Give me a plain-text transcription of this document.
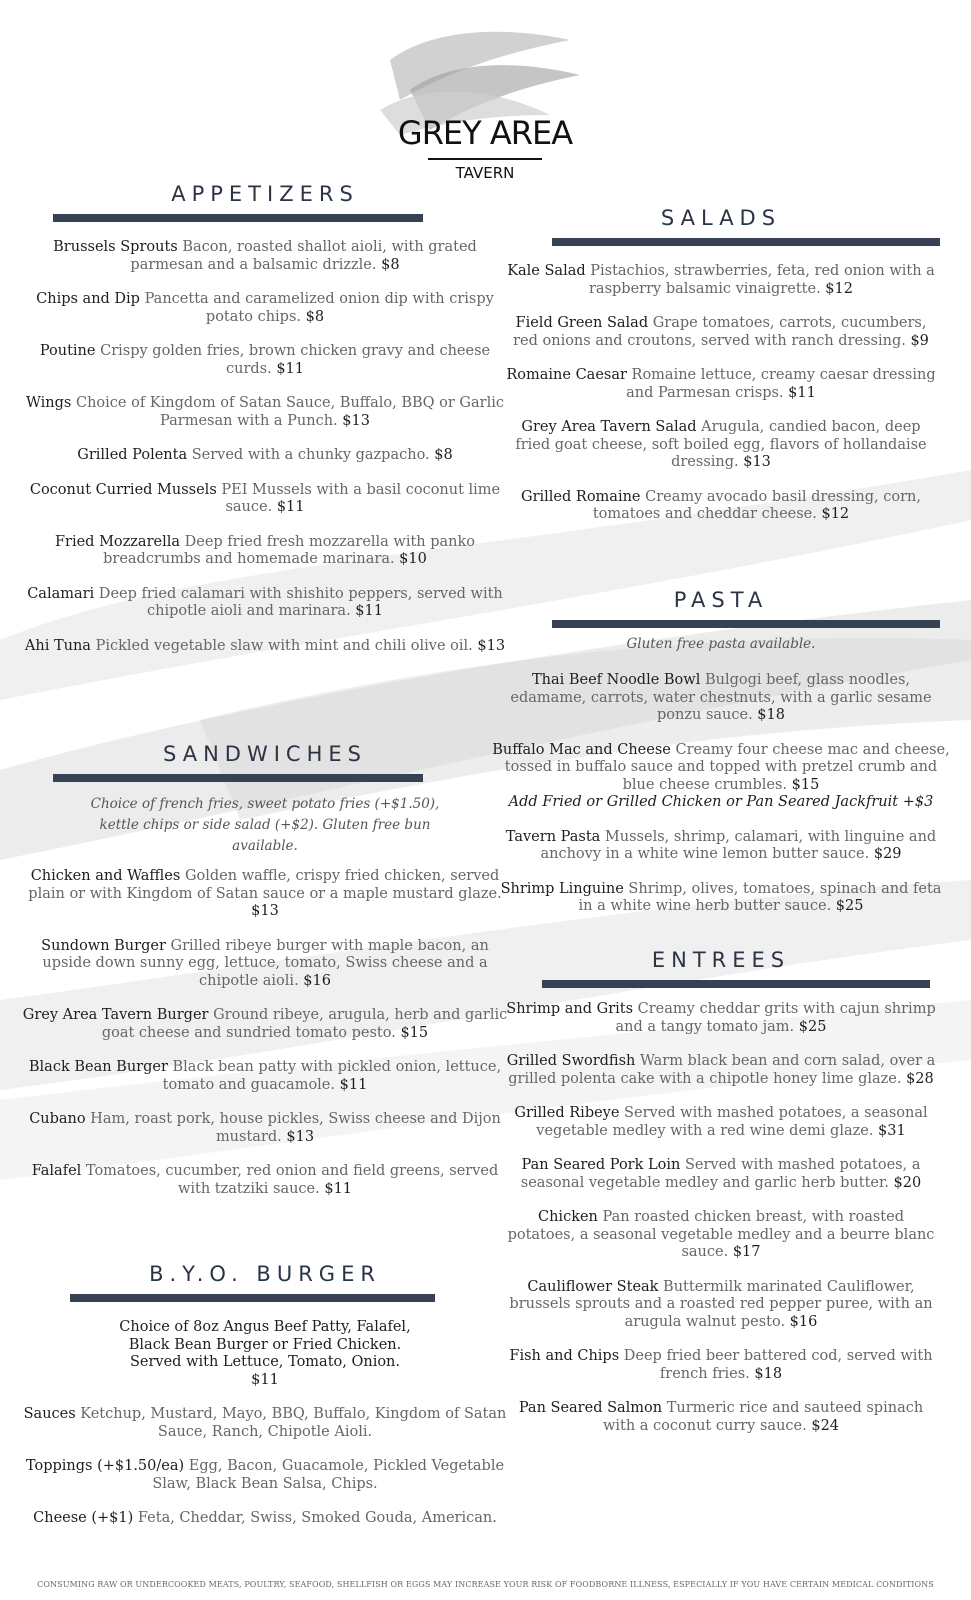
GREY AREA
TAVERN
APPETIZERS
Brussels Sprouts Bacon, roasted shallot aioli, with grated parmesan and a balsamic drizzle. $8
Chips and Dip Pancetta and caramelized onion dip with crispy potato chips. $8
Poutine Crispy golden fries, brown chicken gravy and cheese curds. $11
Wings Choice of Kingdom of Satan Sauce, Buffalo, BBQ or Garlic Parmesan with a Punch. $13
Grilled Polenta Served with a chunky gazpacho. $8
Coconut Curried Mussels PEI Mussels with a basil coconut lime sauce. $11
Fried Mozzarella Deep fried fresh mozzarella with panko breadcrumbs and homemade marinara. $10
Calamari Deep fried calamari with shishito peppers, served with chipotle aioli and marinara. $11
Ahi Tuna Pickled vegetable slaw with mint and chili olive oil. $13
SANDWICHES
Choice of french fries, sweet potato fries (+$1.50), kettle chips or side salad (+$2). Gluten free bun available.
Chicken and Waffles Golden waffle, crispy fried chicken, served plain or with Kingdom of Satan sauce or a maple mustard glaze. $13
Sundown Burger Grilled ribeye burger with maple bacon, an upside down sunny egg, lettuce, tomato, Swiss cheese and a chipotle aioli. $16
Grey Area Tavern Burger Ground ribeye, arugula, herb and garlic goat cheese and sundried tomato pesto. $15
Black Bean Burger Black bean patty with pickled onion, lettuce, tomato and guacamole. $11
Cubano Ham, roast pork, house pickles, Swiss cheese and Dijon mustard. $13
Falafel Tomatoes, cucumber, red onion and field greens, served with tzatziki sauce. $11
B.Y.O. BURGER
Choice of 8oz Angus Beef Patty, Falafel,
Black Bean Burger or Fried Chicken.
Served with Lettuce, Tomato, Onion.
$11
Sauces Ketchup, Mustard, Mayo, BBQ, Buffalo, Kingdom of Satan Sauce, Ranch, Chipotle Aioli.
Toppings (+$1.50/ea) Egg, Bacon, Guacamole, Pickled Vegetable Slaw, Black Bean Salsa, Chips.
Cheese (+$1) Feta, Cheddar, Swiss, Smoked Gouda, American.
SALADS
Kale Salad Pistachios, strawberries, feta, red onion with a raspberry balsamic vinaigrette. $12
Field Green Salad Grape tomatoes, carrots, cucumbers, red onions and croutons, served with ranch dressing. $9
Romaine Caesar Romaine lettuce, creamy caesar dressing and Parmesan crisps. $11
Grey Area Tavern Salad Arugula, candied bacon, deep fried goat cheese, soft boiled egg, flavors of hollandaise dressing. $13
Grilled Romaine Creamy avocado basil dressing, corn, tomatoes and cheddar cheese. $12
PASTA
Gluten free pasta available.
Thai Beef Noodle Bowl Bulgogi beef, glass noodles, edamame, carrots, water chestnuts, with a garlic sesame ponzu sauce. $18
Buffalo Mac and Cheese Creamy four cheese mac and cheese, tossed in buffalo sauce and topped with pretzel crumb and blue cheese crumbles. $15
Add Fried or Grilled Chicken or Pan Seared Jackfruit +$3
Tavern Pasta Mussels, shrimp, calamari, with linguine and anchovy in a white wine lemon butter sauce. $29
Shrimp Linguine Shrimp, olives, tomatoes, spinach and feta in a white wine herb butter sauce. $25
ENTREES
Shrimp and Grits Creamy cheddar grits with cajun shrimp and a tangy tomato jam. $25
Grilled Swordfish Warm black bean and corn salad, over a grilled polenta cake with a chipotle honey lime glaze. $28
Grilled Ribeye Served with mashed potatoes, a seasonal vegetable medley with a red wine demi glaze. $31
Pan Seared Pork Loin Served with mashed potatoes, a seasonal vegetable medley and garlic herb butter. $20
Chicken Pan roasted chicken breast, with roasted potatoes, a seasonal vegetable medley and a beurre blanc sauce. $17
Cauliflower Steak Buttermilk marinated Cauliflower, brussels sprouts and a roasted red pepper puree, with an arugula walnut pesto. $16
Fish and Chips Deep fried beer battered cod, served with french fries. $18
Pan Seared Salmon Turmeric rice and sauteed spinach with a coconut curry sauce. $24
CONSUMING RAW OR UNDERCOOKED MEATS, POULTRY, SEAFOOD, SHELLFISH OR EGGS MAY INCREASE YOUR RISK OF FOODBORNE ILLNESS, ESPECIALLY IF YOU HAVE CERTAIN MEDICAL CONDITIONS
